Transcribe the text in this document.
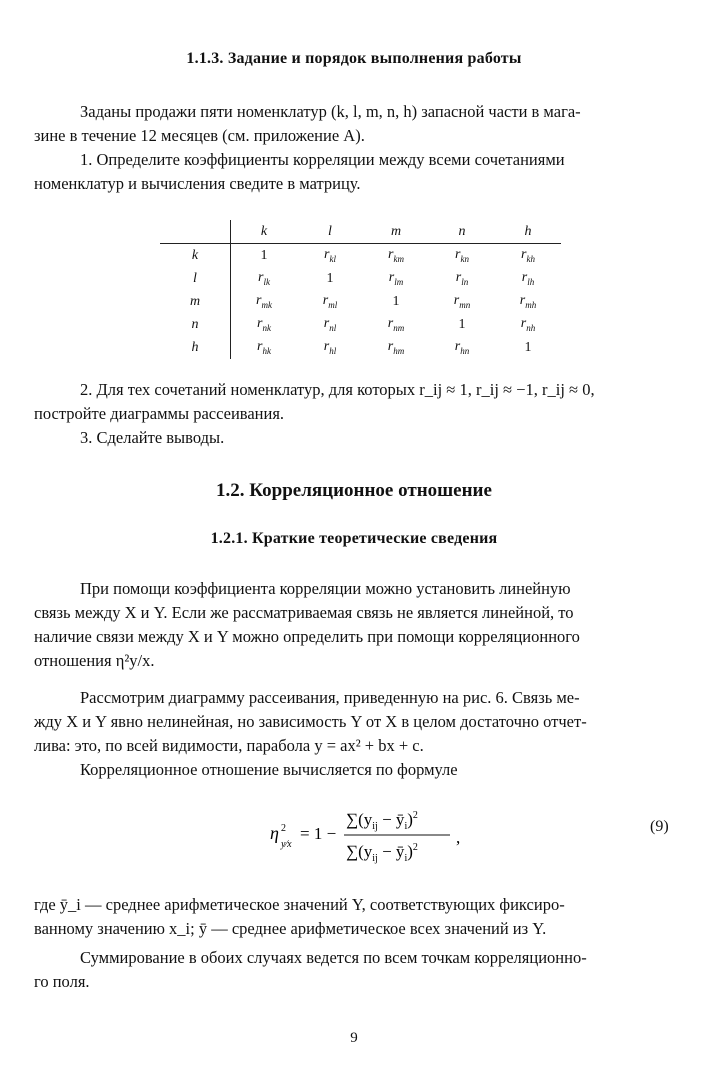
1.1.3. Задание и порядок выполнения работы
Заданы продажи пяти номенклатур (k, l, m, n, h) запасной части в мага-
зине в течение 12 месяцев (см. приложение А).
1. Определите коэффициенты корреляции между всеми сочетаниями
номенклатур и вычисления сведите в матрицу.
	k	l	m	n	h
k	1	$r_{kl}$	$r_{km}$	$r_{kn}$	$r_{kh}$
l	$r_{lk}$	1	$r_{lm}$	$r_{ln}$	$r_{lh}$
m	$r_{mk}$	$r_{ml}$	1	$r_{mn}$	$r_{mh}$
n	$r_{nk}$	$r_{nl}$	$r_{nm}$	1	$r_{nh}$
h	$r_{hk}$	$r_{hl}$	$r_{hm}$	$r_{hn}$	1
2. Для тех сочетаний номенклатур, для которых r_ij ≈ 1, r_ij ≈ −1, r_ij ≈ 0,
постройте диаграммы рассеивания.
3. Сделайте выводы.
1.2. Корреляционное отношение
1.2.1. Краткие теоретические сведения
При помощи коэффициента корреляции можно установить линейную
связь между X и Y. Если же рассматриваемая связь не является линейной, то
наличие связи между X и Y можно определить при помощи корреляционного
отношения η²y/x.
Рассмотрим диаграмму рассеивания, приведенную на рис. 6. Связь ме-
жду X и Y явно нелинейная, но зависимость Y от X в целом достаточно отчет-
лива: это, по всей видимости, парабола y = ax² + bx + c.
Корреляционное отношение вычисляется по формуле
η 2
y⁄x
= 1 −
$\sum(y_{ij}$ − $ȳ_i)^2$
$\sum(y_{ij}$ − $ȳ_i)^2$
,
(9)
где ȳ_i — среднее арифметическое значений Y, соответствующих фиксиро-
ванному значению x_i; ȳ — среднее арифметическое всех значений из Y.
Суммирование в обоих случаях ведется по всем точкам корреляционно-
го поля.
9
